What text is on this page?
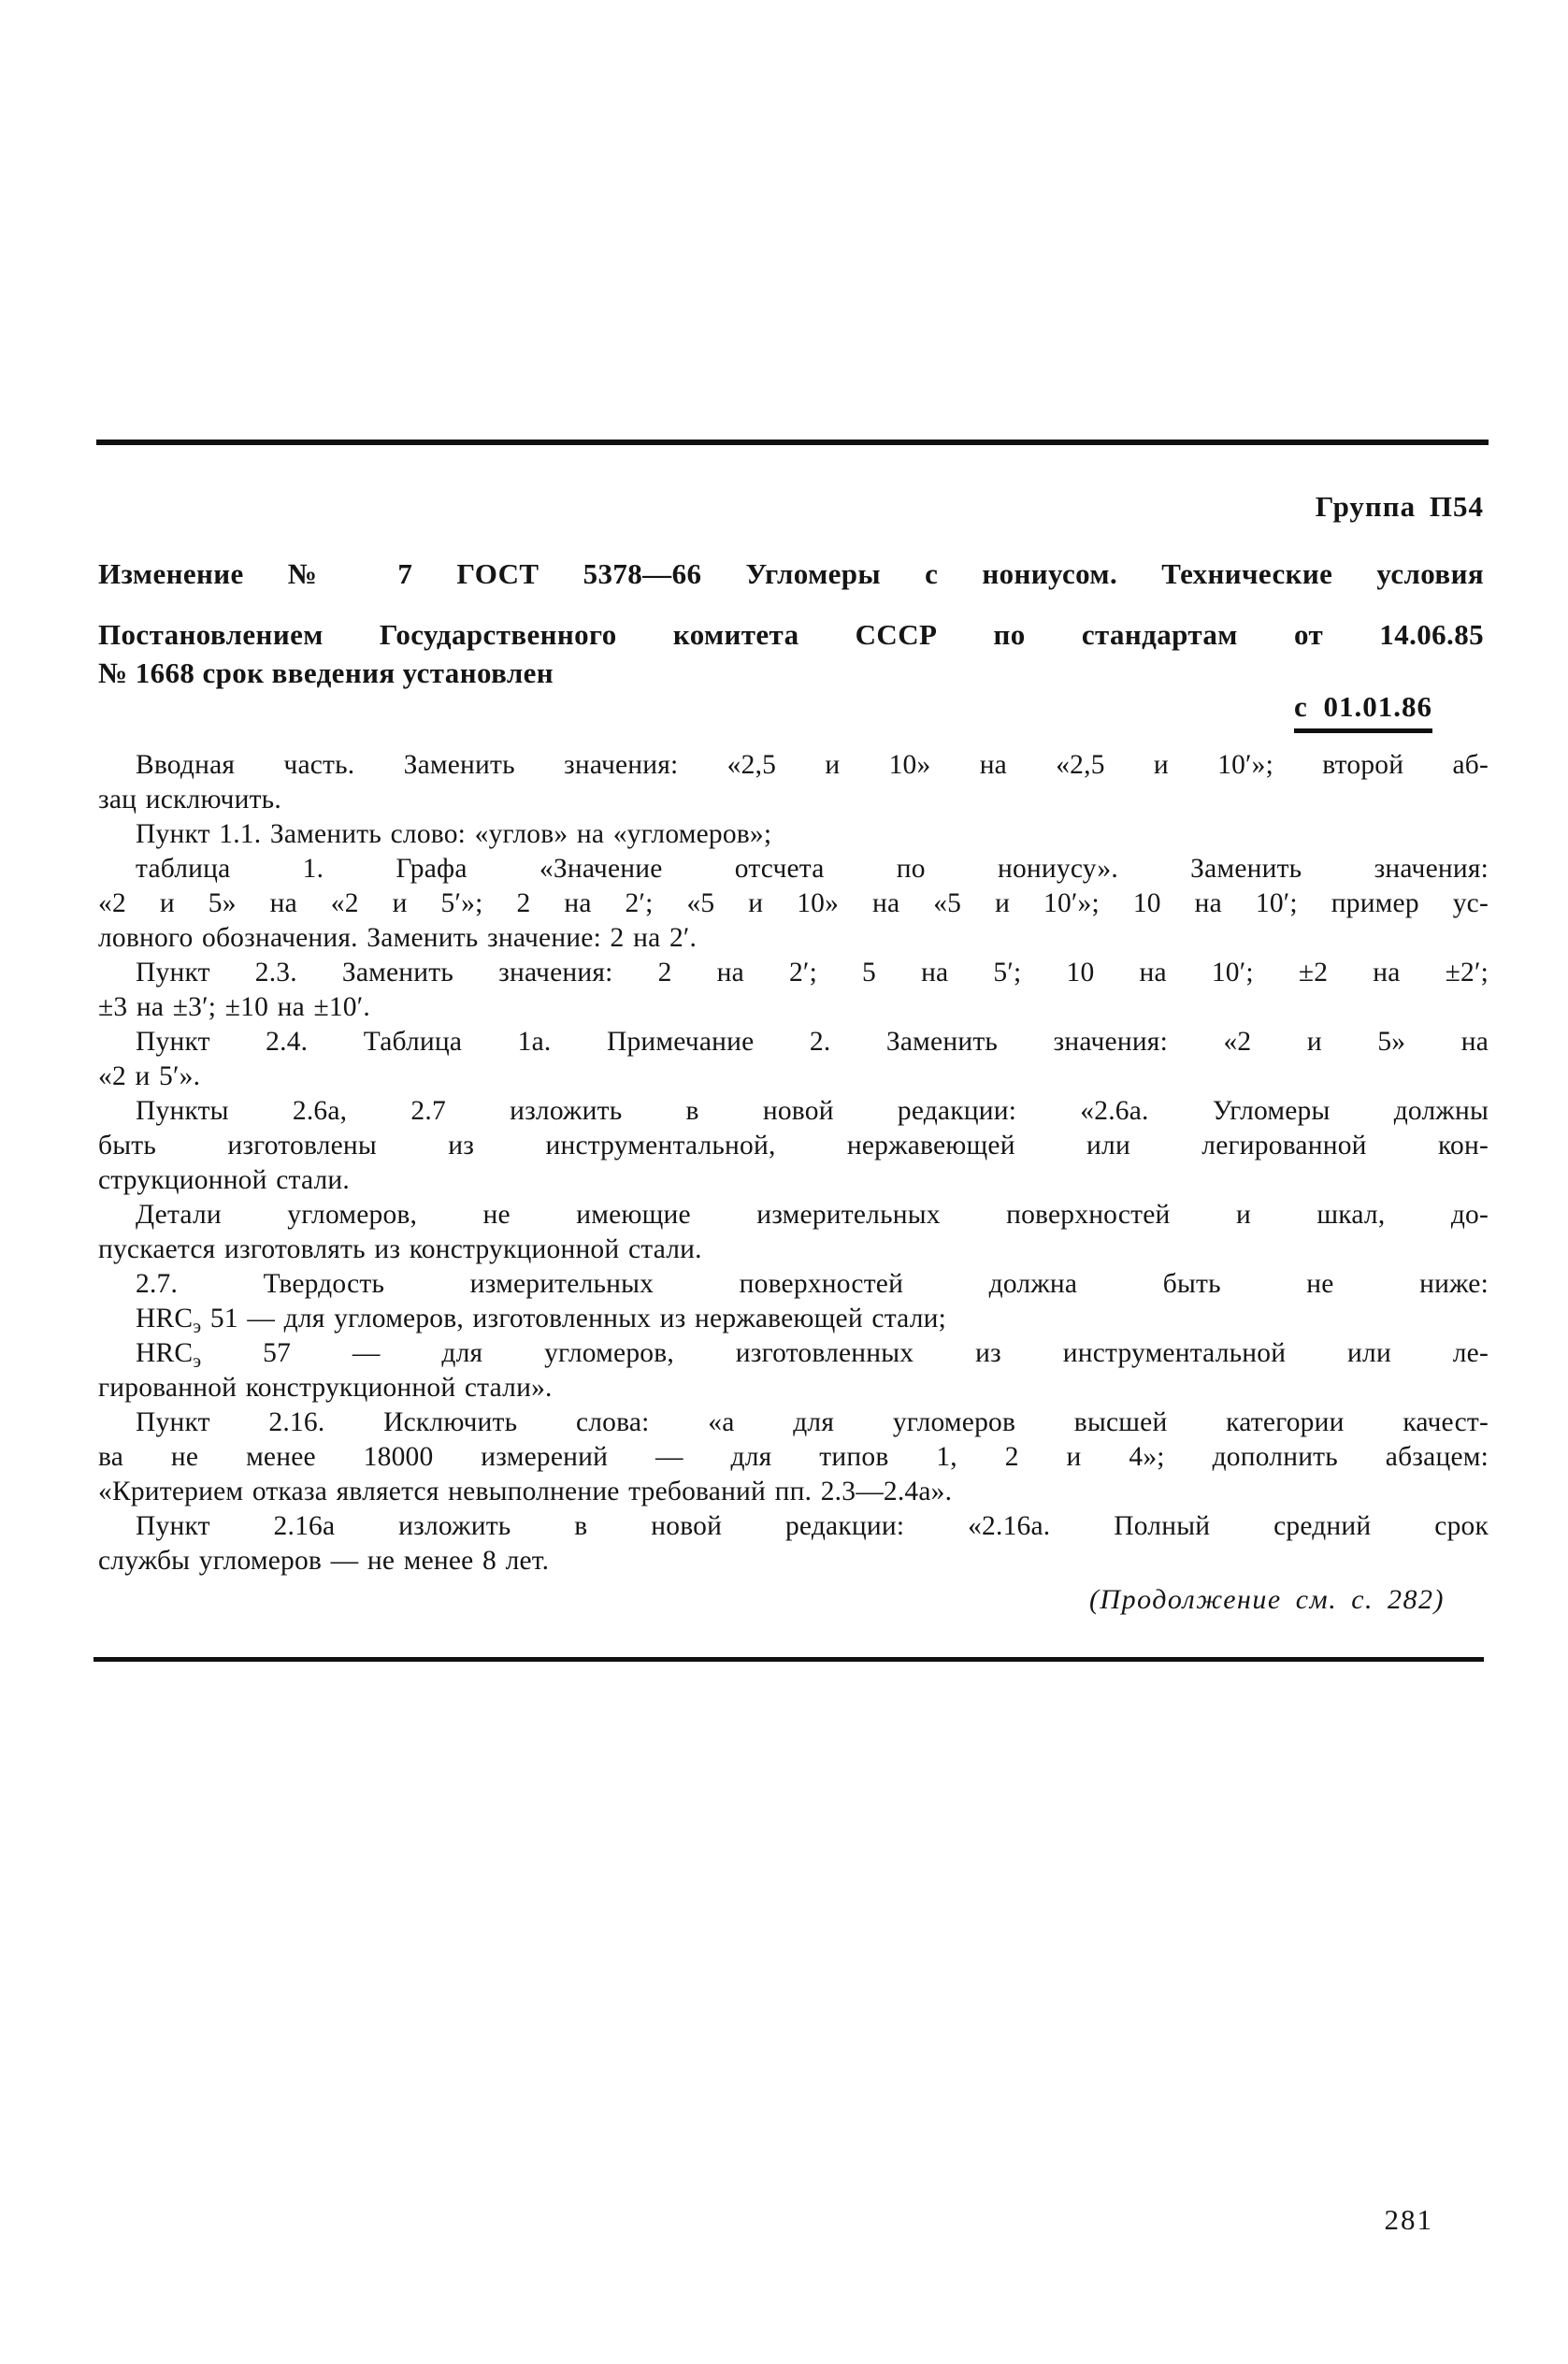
Группа П54
Изменение № 7 ГОСТ 5378—66 Угломеры с нониусом. Технические условия
Постановлением Государственного комитета СССР по стандартам от 14.06.85
№ 1668 срок введения установлен
с 01.01.86
Вводная часть. Заменить значения: «2,5 и 10» на «2,5 и 10′»; второй аб-
зац исключить.
Пункт 1.1. Заменить слово: «углов» на «угломеров»;
таблица 1. Графа «Значение отсчета по нониусу». Заменить значения:
«2 и 5» на «2 и 5′»; 2 на 2′; «5 и 10» на «5 и 10′»; 10 на 10′; пример ус-
ловного обозначения. Заменить значение: 2 на 2′.
Пункт 2.3. Заменить значения: 2 на 2′; 5 на 5′; 10 на 10′; ±2 на ±2′;
±3 на ±3′; ±10 на ±10′.
Пункт 2.4. Таблица 1а. Примечание 2. Заменить значения: «2 и 5» на
«2 и 5′».
Пункты 2.6а, 2.7 изложить в новой редакции: «2.6а. Угломеры должны
быть изготовлены из инструментальной, нержавеющей или легированной кон-
струкционной стали.
Детали угломеров, не имеющие измерительных поверхностей и шкал, до-
пускается изготовлять из конструкционной стали.
2.7. Твердость измерительных поверхностей должна быть не ниже:
$HRC_э$ 51 — для угломеров, изготовленных из нержавеющей стали;
$HRC_э$ 57 — для угломеров, изготовленных из инструментальной или ле-
гированной конструкционной стали».
Пункт 2.16. Исключить слова: «а для угломеров высшей категории качест-
ва не менее 18000 измерений — для типов 1, 2 и 4»; дополнить абзацем:
«Критерием отказа является невыполнение требований пп. 2.3—2.4а».
Пункт 2.16а изложить в новой редакции: «2.16а. Полный средний срок
службы угломеров — не менее 8 лет.
(Продолжение см. с. 282)
281
